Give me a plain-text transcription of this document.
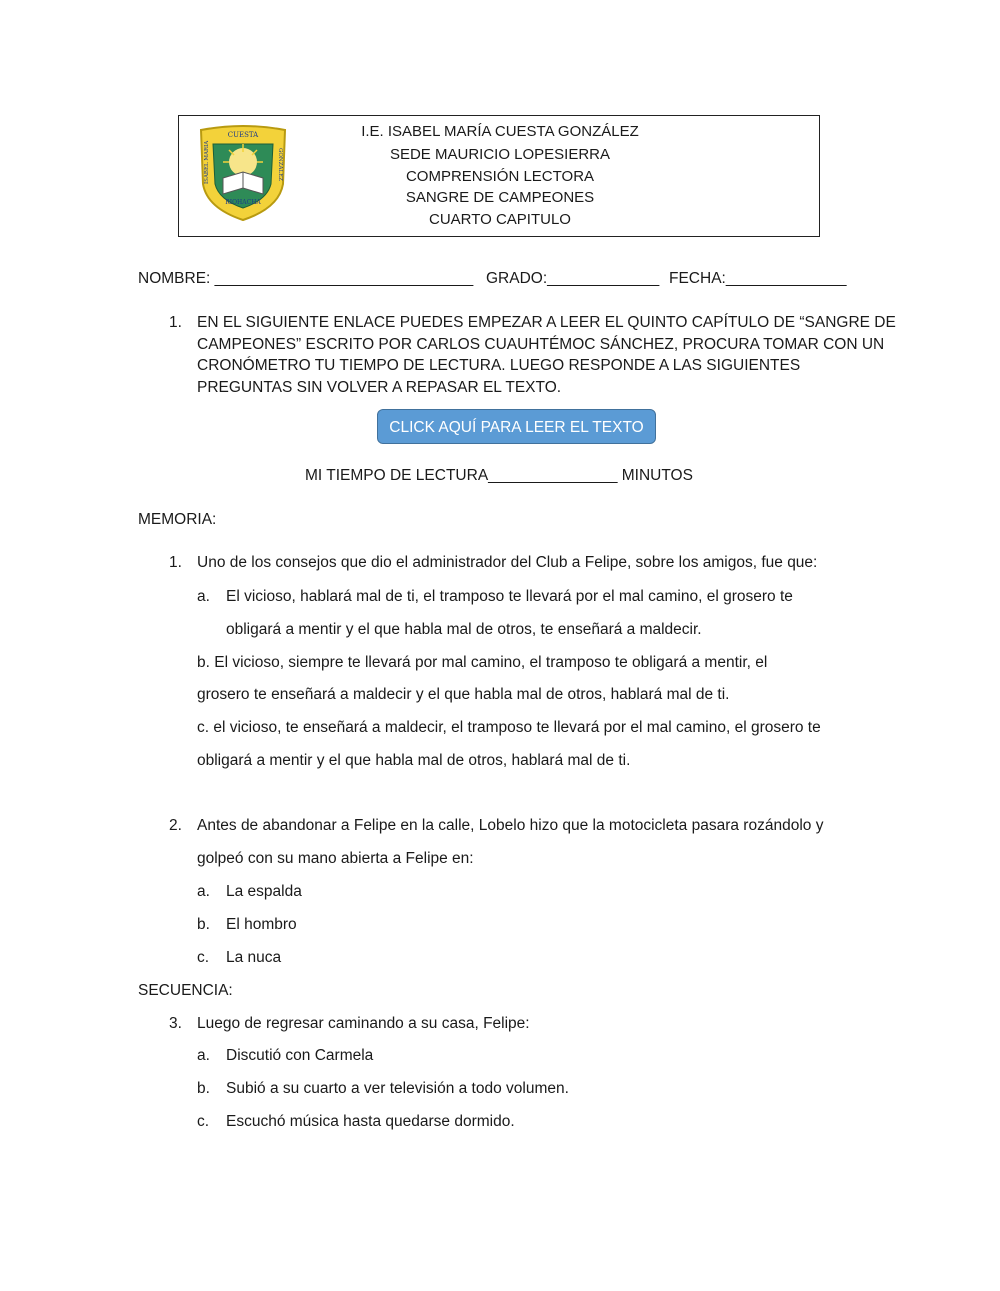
CUESTA
ISABEL MARIA	GONZALEZ
RIOHACHA
I.E. ISABEL MARÍA CUESTA GONZÁLEZ
SEDE MAURICIO LOPESIERRA
COMPRENSIÓN LECTORA
SANGRE DE CAMPEONES
CUARTO CAPITULO
NOMBRE: ______________________________ GRADO:_____________ FECHA:______________
1. EN EL SIGUIENTE ENLACE PUEDES EMPEZAR A LEER EL QUINTO CAPÍTULO DE “SANGRE DE
CAMPEONES” ESCRITO POR CARLOS CUAUHTÉMOC SÁNCHEZ, PROCURA TOMAR CON UN
CRONÓMETRO TU TIEMPO DE LECTURA. LUEGO RESPONDE A LAS SIGUIENTES
PREGUNTAS SIN VOLVER A REPASAR EL TEXTO.
CLICK AQUÍ PARA LEER EL TEXTO
MI TIEMPO DE LECTURA_______________ MINUTOS
MEMORIA:
1. Uno de los consejos que dio el administrador del Club a Felipe, sobre los amigos, fue que:
a. El vicioso, hablará mal de ti, el tramposo te llevará por el mal camino, el grosero te
obligará a mentir y el que habla mal de otros, te enseñará a maldecir.
b. El vicioso, siempre te llevará por mal camino, el tramposo te obligará a mentir, el
grosero te enseñará a maldecir y el que habla mal de otros, hablará mal de ti.
c. el vicioso, te enseñará a maldecir, el tramposo te llevará por el mal camino, el grosero te
obligará a mentir y el que habla mal de otros, hablará mal de ti.
2. Antes de abandonar a Felipe en la calle, Lobelo hizo que la motocicleta pasara rozándolo y
golpeó con su mano abierta a Felipe en:
a. La espalda
b. El hombro
c. La nuca
SECUENCIA:
3. Luego de regresar caminando a su casa, Felipe:
a. Discutió con Carmela
b. Subió a su cuarto a ver televisión a todo volumen.
c. Escuchó música hasta quedarse dormido.
